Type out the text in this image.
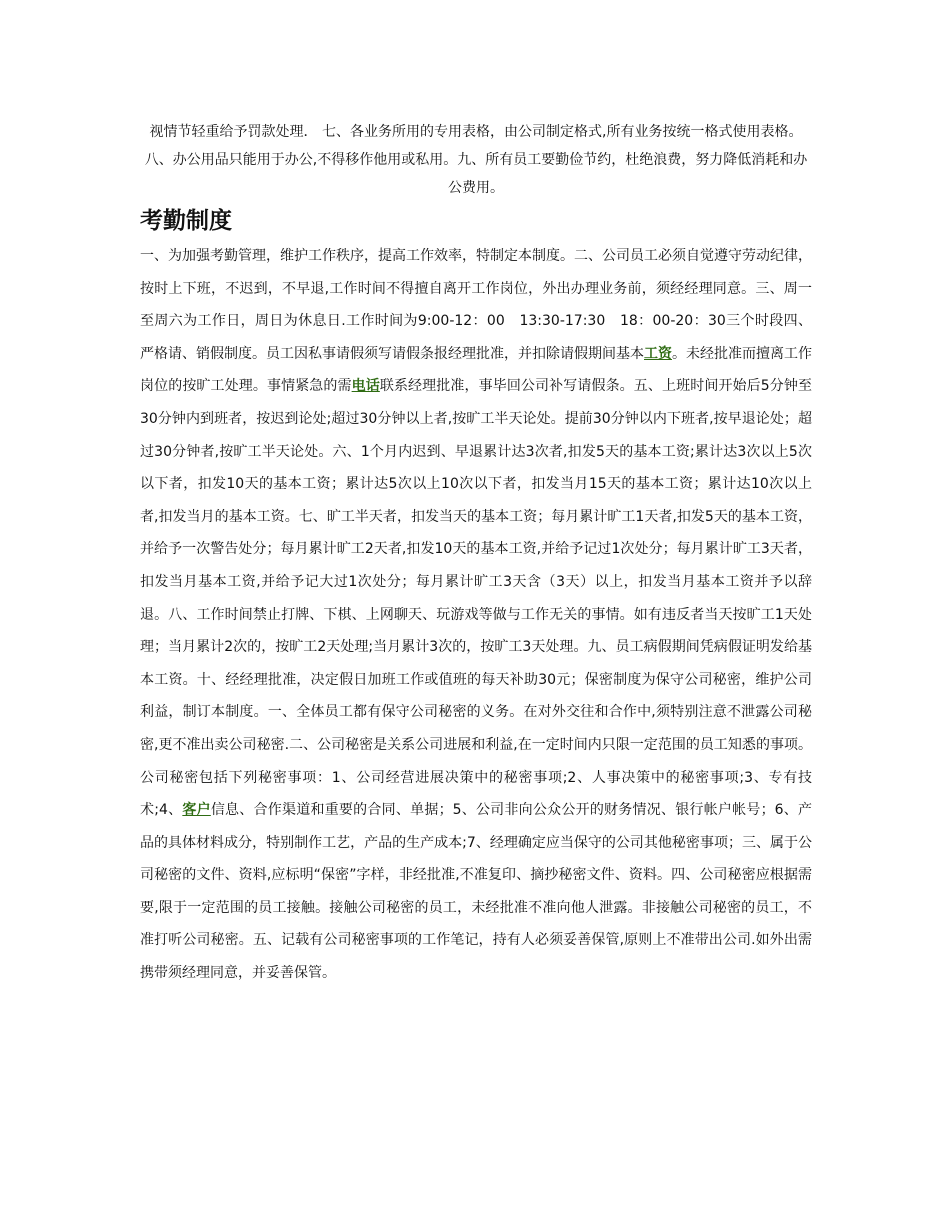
视情节轻重给予罚款处理． 七、各业务所用的专用表格，由公司制定格式,所有业务按统一格式使用表格。八、办公用品只能用于办公,不得移作他用或私用。九、所有员工要勤俭节约，杜绝浪费，努力降低消耗和办公费用。

考勤制度

一、为加强考勤管理，维护工作秩序，提高工作效率，特制定本制度。二、公司员工必须自觉遵守劳动纪律，按时上下班，不迟到，不早退,工作时间不得擅自离开工作岗位，外出办理业务前，须经经理同意。三、周一至周六为工作日，周日为休息日.工作时间为9:00-12：00　13:30-17:30　18：00-20：30三个时段四、严格请、销假制度。员工因私事请假须写请假条报经理批准，并扣除请假期间基本工资。未经批准而擅离工作岗位的按旷工处理。事情紧急的需电话联系经理批准，事毕回公司补写请假条。五、上班时间开始后5分钟至30分钟内到班者，按迟到论处;超过30分钟以上者,按旷工半天论处。提前30分钟以内下班者,按早退论处；超过30分钟者,按旷工半天论处。六、1个月内迟到、早退累计达3次者,扣发5天的基本工资;累计达3次以上5次以下者，扣发10天的基本工资；累计达5次以上10次以下者，扣发当月15天的基本工资；累计达10次以上者,扣发当月的基本工资。七、旷工半天者，扣发当天的基本工资；每月累计旷工1天者,扣发5天的基本工资，并给予一次警告处分；每月累计旷工2天者,扣发10天的基本工资,并给予记过1次处分；每月累计旷工3天者，扣发当月基本工资,并给予记大过1次处分；每月累计旷工3天含（3天）以上，扣发当月基本工资并予以辞退。八、工作时间禁止打牌、下棋、上网聊天、玩游戏等做与工作无关的事情。如有违反者当天按旷工1天处理；当月累计2次的，按旷工2天处理;当月累计3次的，按旷工3天处理。九、员工病假期间凭病假证明发给基本工资。十、经经理批准，决定假日加班工作或值班的每天补助30元；保密制度为保守公司秘密，维护公司利益，制订本制度。一、全体员工都有保守公司秘密的义务。在对外交往和合作中,须特别注意不泄露公司秘密,更不准出卖公司秘密.二、公司秘密是关系公司进展和利益,在一定时间内只限一定范围的员工知悉的事项。公司秘密包括下列秘密事项：1、公司经营进展决策中的秘密事项;2、人事决策中的秘密事项;3、专有技术;4、客户信息、合作渠道和重要的合同、单据；5、公司非向公众公开的财务情况、银行帐户帐号；6、产品的具体材料成分，特别制作工艺，产品的生产成本;7、经理确定应当保守的公司其他秘密事项；三、属于公司秘密的文件、资料,应标明“保密”字样，非经批准,不准复印、摘抄秘密文件、资料。四、公司秘密应根据需要,限于一定范围的员工接触。接触公司秘密的员工，未经批准不准向他人泄露。非接触公司秘密的员工，不准打听公司秘密。五、记载有公司秘密事项的工作笔记，持有人必须妥善保管,原则上不准带出公司.如外出需携带须经理同意，并妥善保管。
